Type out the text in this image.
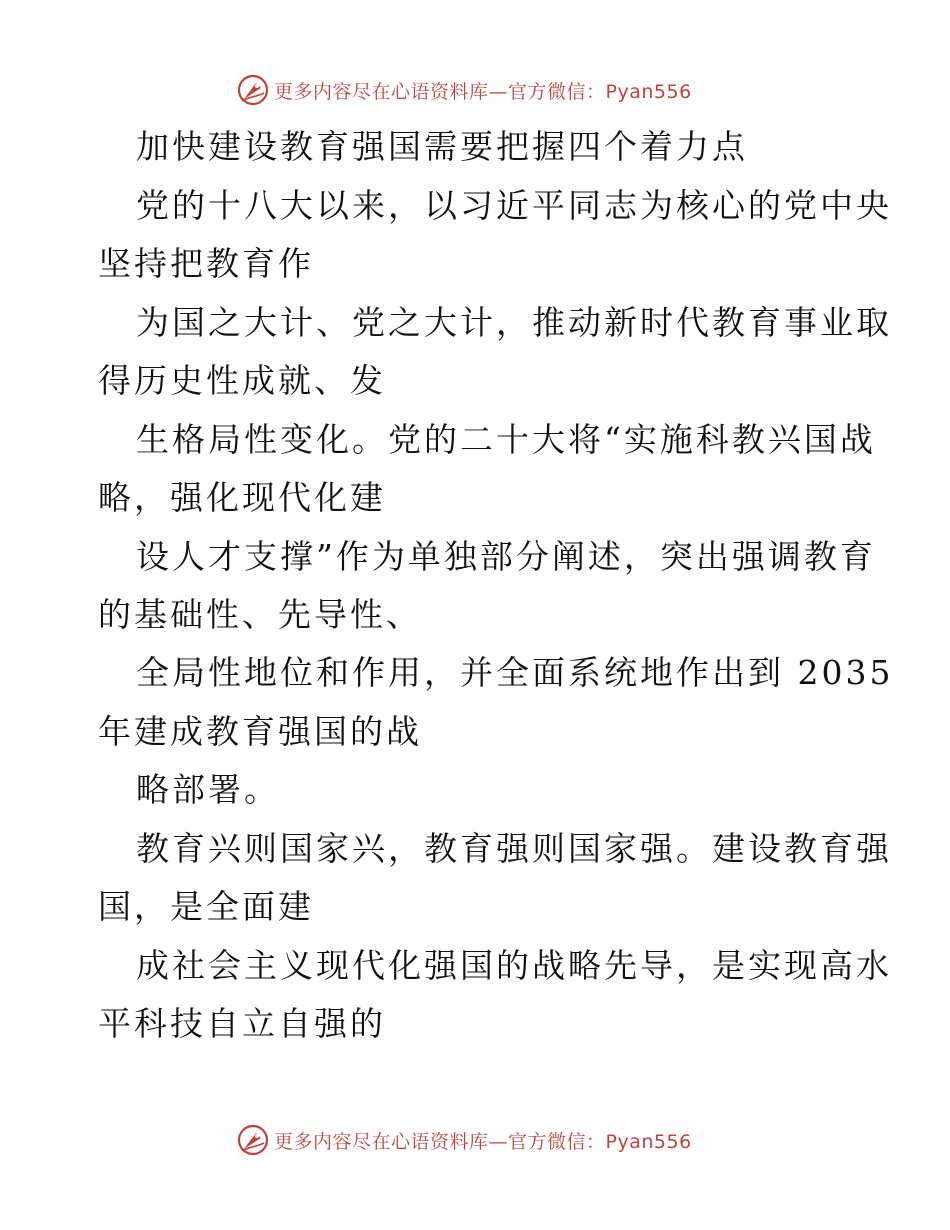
更多内容尽在心语资料库—官方微信：Pyan556
加快建设教育强国需要把握四个着力点
党的十八大以来，以习近平同志为核心的党中央
坚持把教育作
为国之大计、党之大计，推动新时代教育事业取
得历史性成就、发
生格局性变化。党的二十大将“实施科教兴国战
略，强化现代化建
设人才支撑”作为单独部分阐述，突出强调教育
的基础性、先导性、
全局性地位和作用，并全面系统地作出到 2035
年建成教育强国的战
略部署。
教育兴则国家兴，教育强则国家强。建设教育强
国，是全面建
成社会主义现代化强国的战略先导，是实现高水
平科技自立自强的
更多内容尽在心语资料库—官方微信：Pyan556
